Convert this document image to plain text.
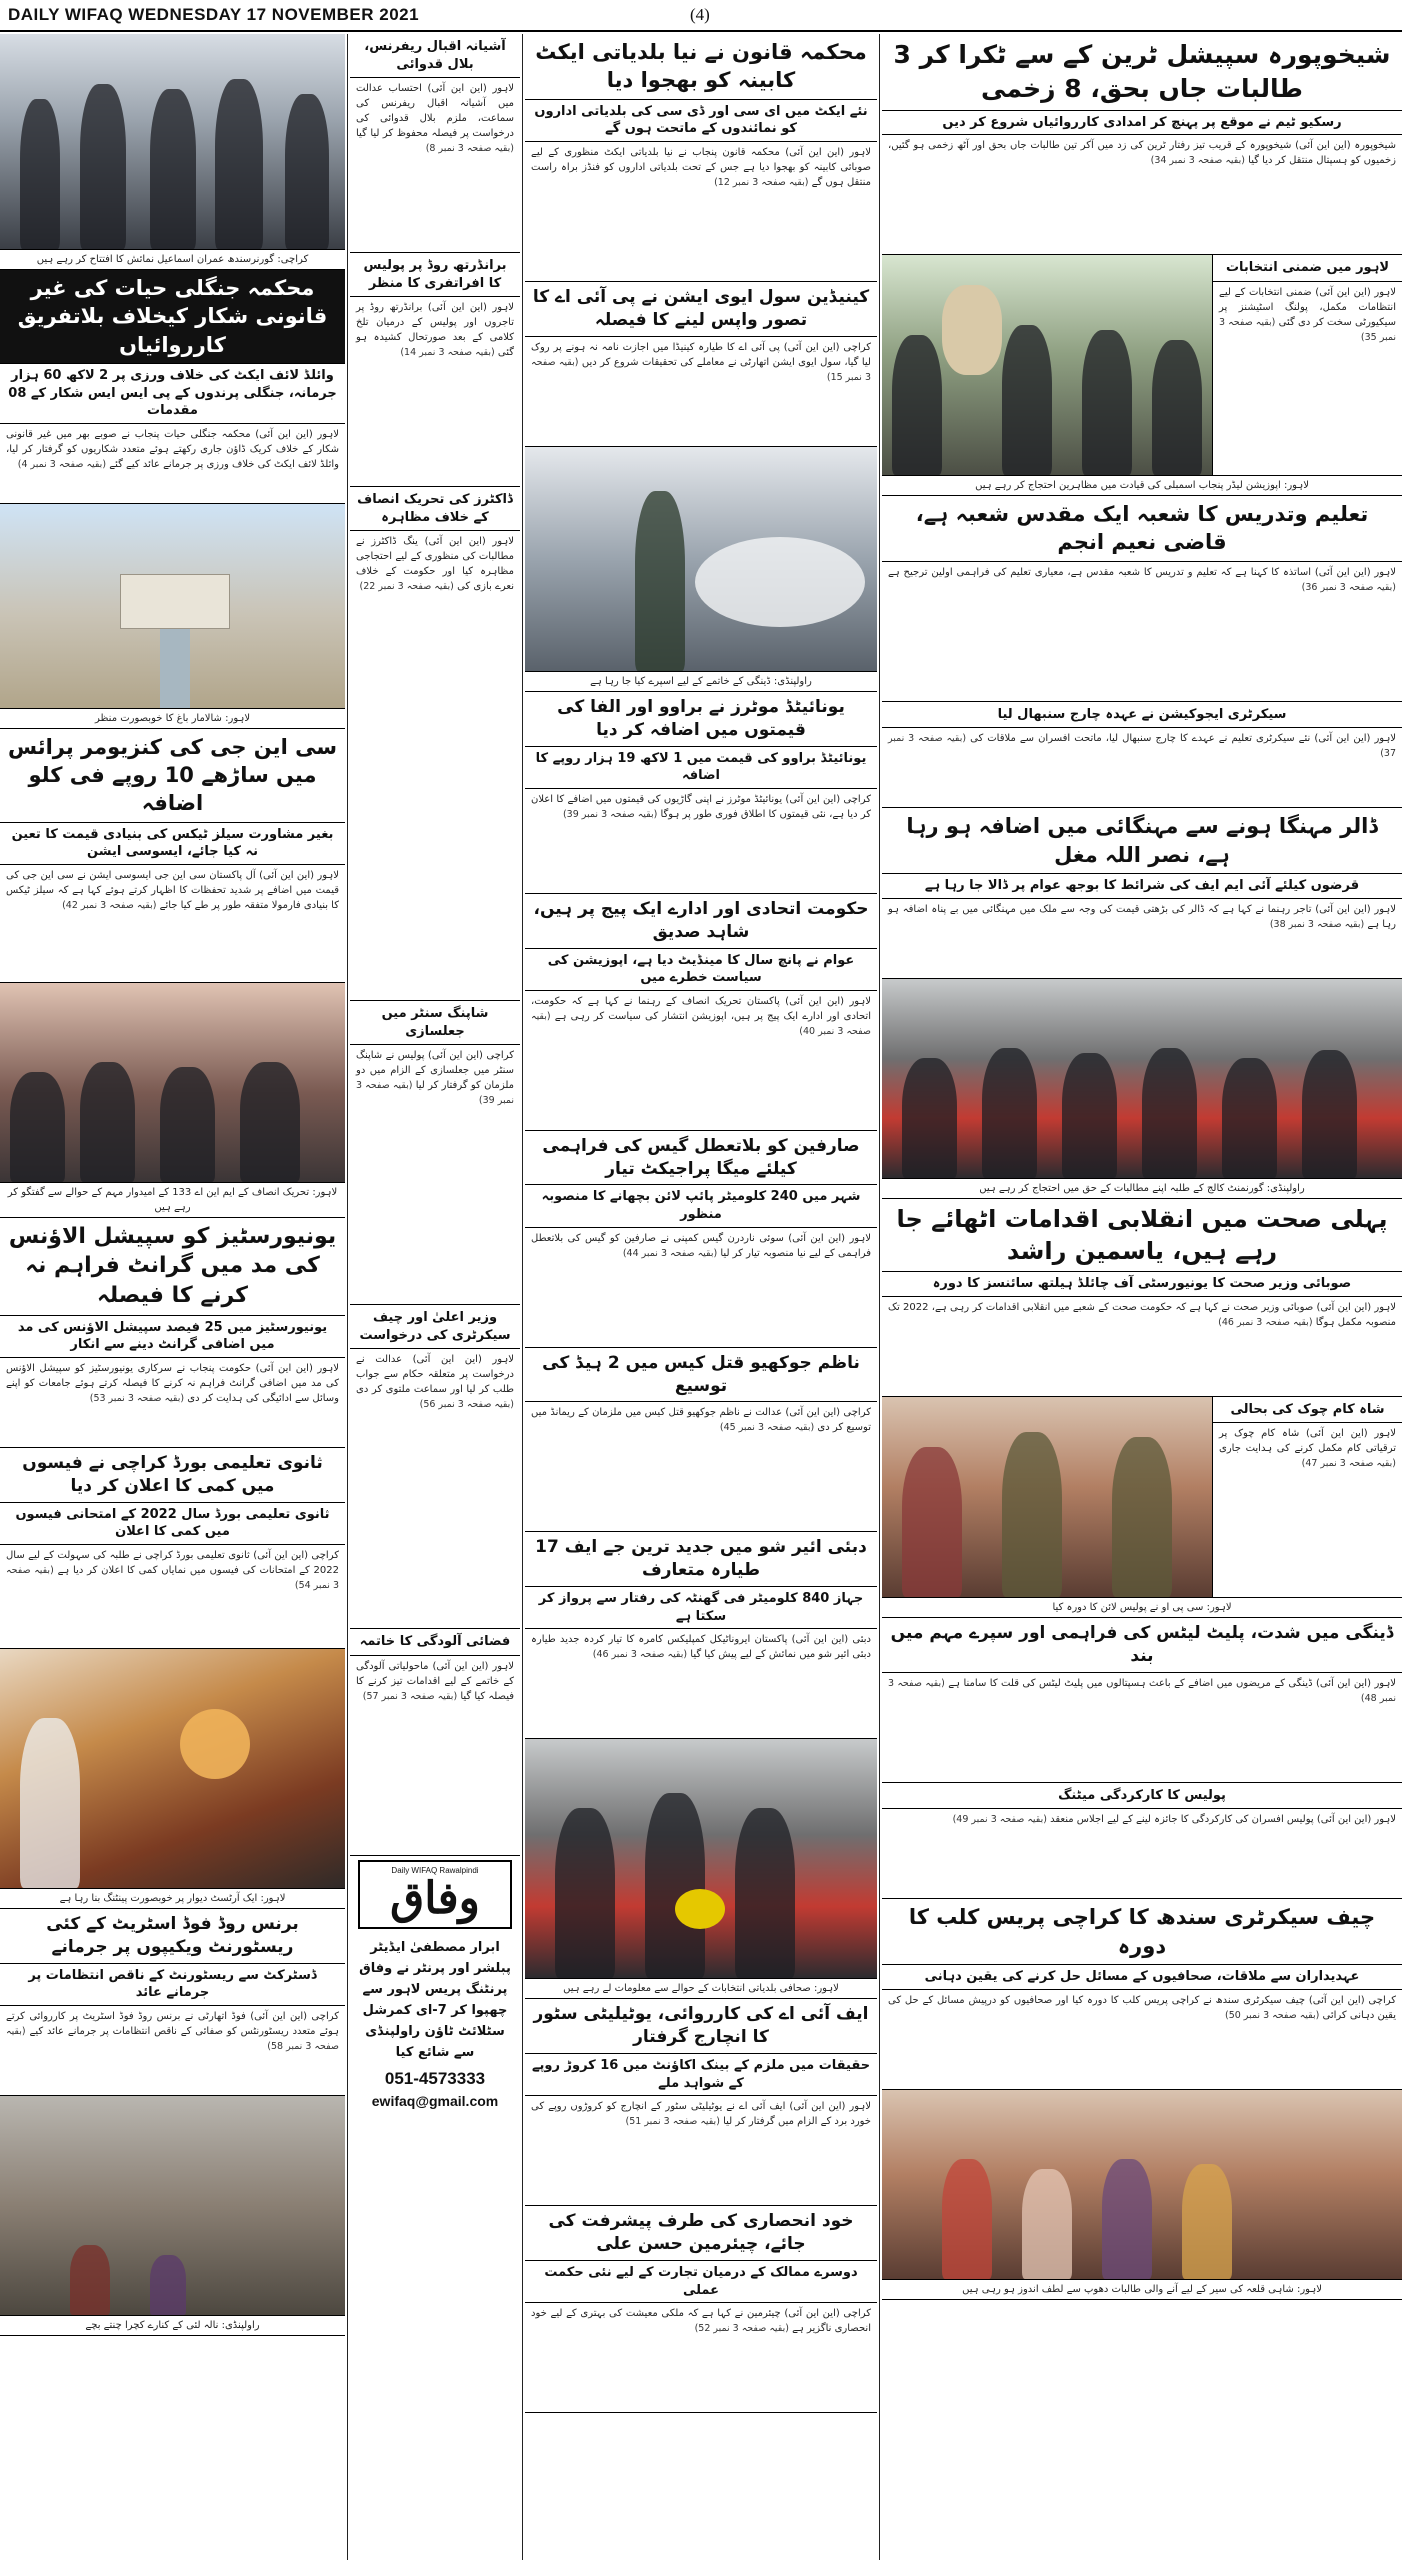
DAILY WIFAQ WEDNESDAY 17 NOVEMBER 2021	(4)
کراچی: گورنرسندھ عمران اسماعیل نمائش کا افتتاح کر رہے ہیں
محکمہ جنگلی حیات کی غیر قانونی شکار کیخلاف بلاتفریق کارروائیاں
وائلڈ لائف ایکٹ کی خلاف ورزی پر 2 لاکھ 60 ہزار جرمانہ، جنگلی پرندوں کے پی ایس ایس شکار کے 08 مقدمات
لاہور (این این آئی) محکمہ جنگلی حیات پنجاب نے صوبے بھر میں غیر قانونی شکار کے خلاف کریک ڈاؤن جاری رکھتے ہوئے متعدد شکاریوں کو گرفتار کر لیا، وائلڈ لائف ایکٹ کی خلاف ورزی پر جرمانے عائد کیے گئے (بقیہ صفحہ 3 نمبر 4)
لاہور: شالامار باغ کا خوبصورت منظر
سی این جی کی کنزیومر پرائس میں ساڑھے 10 روپے فی کلو اضافہ
بغیر مشاورت سیلز ٹیکس کی بنیادی قیمت کا تعین نہ کیا جائے، ایسوسی ایشن
لاہور (این این آئی) آل پاکستان سی این جی ایسوسی ایشن نے سی این جی کی قیمت میں اضافے پر شدید تحفظات کا اظہار کرتے ہوئے کہا ہے کہ سیلز ٹیکس کا بنیادی فارمولا متفقہ طور پر طے کیا جائے (بقیہ صفحہ 3 نمبر 42)
لاہور: تحریک انصاف کے ایم این اے 133 کے امیدوار مہم کے حوالے سے گفتگو کر رہے ہیں
یونیورسٹیز کو سپیشل الاؤنس کی مد میں گرانٹ فراہم نہ کرنے کا فیصلہ
یونیورسٹیز میں 25 فیصد سپیشل الاؤنس کی مد میں اضافی گرانٹ دینے سے انکار
لاہور (این این آئی) حکومت پنجاب نے سرکاری یونیورسٹیز کو سپیشل الاؤنس کی مد میں اضافی گرانٹ فراہم نہ کرنے کا فیصلہ کرتے ہوئے جامعات کو اپنے وسائل سے ادائیگی کی ہدایت کر دی (بقیہ صفحہ 3 نمبر 53)
ثانوی تعلیمی بورڈ کراچی نے فیسوں میں کمی کا اعلان کر دیا
ثانوی تعلیمی بورڈ سال 2022 کے امتحانی فیسوں میں کمی کا اعلان
کراچی (این این آئی) ثانوی تعلیمی بورڈ کراچی نے طلبہ کی سہولت کے لیے سال 2022 کے امتحانات کی فیسوں میں نمایاں کمی کا اعلان کر دیا ہے (بقیہ صفحہ 3 نمبر 54)
لاہور: ایک آرٹسٹ دیوار پر خوبصورت پینٹنگ بنا رہا ہے
برنس روڈ فوڈ اسٹریٹ کے کئی ریسٹورنٹ ویکیپوں پر جرمانے
ڈسٹرکٹ سے ریسٹورنٹ کے ناقص انتظامات پر جرمانے عائد
کراچی (این این آئی) فوڈ اتھارٹی نے برنس روڈ فوڈ اسٹریٹ پر کارروائی کرتے ہوئے متعدد ریسٹورنٹس کو صفائی کے ناقص انتظامات پر جرمانے عائد کیے (بقیہ صفحہ 3 نمبر 58)
راولپنڈی: نالہ لئی کے کنارے کچرا چنتے بچے
آشیانہ اقبال ریفرنس، بلال قدوائی
لاہور (این این آئی) احتساب عدالت میں آشیانہ اقبال ریفرنس کی سماعت، ملزم بلال قدوائی کی درخواست پر فیصلہ محفوظ کر لیا گیا (بقیہ صفحہ 3 نمبر 8)
برانڈرتھ روڈ پر پولیس کا افراتفری کا منظر
لاہور (این این آئی) برانڈرتھ روڈ پر تاجروں اور پولیس کے درمیان تلخ کلامی کے بعد صورتحال کشیدہ ہو گئی (بقیہ صفحہ 3 نمبر 14)
ڈاکٹرز کی تحریک انصاف کے خلاف مظاہرہ
لاہور (این این آئی) ینگ ڈاکٹرز نے مطالبات کی منظوری کے لیے احتجاجی مظاہرہ کیا اور حکومت کے خلاف نعرے بازی کی (بقیہ صفحہ 3 نمبر 22)
شاپنگ سنٹر میں جعلسازی
کراچی (این این آئی) پولیس نے شاپنگ سنٹر میں جعلسازی کے الزام میں دو ملزمان کو گرفتار کر لیا (بقیہ صفحہ 3 نمبر 39)
وزیر اعلیٰ اور چیف سیکرٹری کی درخواست
لاہور (این این آئی) عدالت نے درخواست پر متعلقہ حکام سے جواب طلب کر لیا اور سماعت ملتوی کر دی (بقیہ صفحہ 3 نمبر 56)
فضائی آلودگی کا خاتمہ
لاہور (این این آئی) ماحولیاتی آلودگی کے خاتمے کے لیے اقدامات تیز کرنے کا فیصلہ کیا گیا (بقیہ صفحہ 3 نمبر 57)
Daily WIFAQ Rawalpindi
وفاق
ابرار مصطفیٰ ایڈیٹر پبلشر اور پرنٹر نے وفاق پرنٹنگ پریس لاہور سے چھپوا کر 7-ای کمرشل سٹلائٹ ٹاؤن راولپنڈی سے شائع کیا
051-4573333
ewifaq@gmail.com
محکمہ قانون نے نیا بلدیاتی ایکٹ کابینہ کو بھجوا دیا
نئے ایکٹ میں ای سی اور ڈی سی کی بلدیاتی اداروں کو نمائندوں کے ماتحت ہوں گے
لاہور (این این آئی) محکمہ قانون پنجاب نے نیا بلدیاتی ایکٹ منظوری کے لیے صوبائی کابینہ کو بھجوا دیا ہے جس کے تحت بلدیاتی اداروں کو فنڈز براہ راست منتقل ہوں گے (بقیہ صفحہ 3 نمبر 12)
کینیڈین سول ایوی ایشن نے پی آئی اے کا تصور واپس لینے کا فیصلہ
کراچی (این این آئی) پی آئی اے کا طیارہ کینیڈا میں اجازت نامہ نہ ہونے پر روک لیا گیا، سول ایوی ایشن اتھارٹی نے معاملے کی تحقیقات شروع کر دیں (بقیہ صفحہ 3 نمبر 15)
راولپنڈی: ڈینگی کے خاتمے کے لیے اسپرے کیا جا رہا ہے
یونائیٹڈ موٹرز نے براوو اور الفا کی قیمتوں میں اضافہ کر دیا
یونائیٹڈ براوو کی قیمت میں 1 لاکھ 19 ہزار روپے کا اضافہ
کراچی (این این آئی) یونائیٹڈ موٹرز نے اپنی گاڑیوں کی قیمتوں میں اضافے کا اعلان کر دیا ہے، نئی قیمتوں کا اطلاق فوری طور پر ہوگا (بقیہ صفحہ 3 نمبر 39)
حکومت اتحادی اور ادارے ایک پیج پر ہیں، شاہد صدیق
عوام نے پانچ سال کا مینڈیٹ دیا ہے، اپوزیشن کی سیاست خطرے میں
لاہور (این این آئی) پاکستان تحریک انصاف کے رہنما نے کہا ہے کہ حکومت، اتحادی اور ادارے ایک پیج پر ہیں، اپوزیشن انتشار کی سیاست کر رہی ہے (بقیہ صفحہ 3 نمبر 40)
صارفین کو بلاتعطل گیس کی فراہمی کیلئے میگا پراجیکٹ تیار
شہر میں 240 کلومیٹر پائپ لائن بچھانے کا منصوبہ منظور
لاہور (این این آئی) سوئی ناردرن گیس کمپنی نے صارفین کو گیس کی بلاتعطل فراہمی کے لیے نیا منصوبہ تیار کر لیا (بقیہ صفحہ 3 نمبر 44)
ناظم جوکھیو قتل کیس میں 2 ہیڈ کی توسیع
کراچی (این این آئی) عدالت نے ناظم جوکھیو قتل کیس میں ملزمان کے ریمانڈ میں توسیع کر دی (بقیہ صفحہ 3 نمبر 45)
دبئی ائیر شو میں جدید ترین جے ایف 17 طیارہ متعارف
جہاز 840 کلومیٹر فی گھنٹہ کی رفتار سے پرواز کر سکتا ہے
دبئی (این این آئی) پاکستان ایروناٹیکل کمپلیکس کامرہ کا تیار کردہ جدید طیارہ دبئی ائیر شو میں نمائش کے لیے پیش کیا گیا (بقیہ صفحہ 3 نمبر 46)
لاہور: صحافی بلدیاتی انتخابات کے حوالے سے معلومات لے رہے ہیں
ایف آئی اے کی کارروائی، یوٹیلیٹی سٹور کا انچارج گرفتار
حقیقات میں ملزم کے بینک اکاؤنٹ میں 16 کروڑ روپے کے شواہد ملے
لاہور (این این آئی) ایف آئی اے نے یوٹیلیٹی سٹور کے انچارج کو کروڑوں روپے کی خورد برد کے الزام میں گرفتار کر لیا (بقیہ صفحہ 3 نمبر 51)
خود انحصاری کی طرف پیشرفت کی جائے، چیئرمین حسن علی
دوسرے ممالک کے درمیان تجارت کے لیے نئی حکمت عملی
کراچی (این این آئی) چیئرمین نے کہا ہے کہ ملکی معیشت کی بہتری کے لیے خود انحصاری ناگزیر ہے (بقیہ صفحہ 3 نمبر 52)
شیخوپورہ سپیشل ٹرین کے سے ٹکرا کر 3 طالبات جاں بحق، 8 زخمی
رسکیو ٹیم نے موقع پر پہنچ کر امدادی کارروائیاں شروع کر دیں
شیخوپورہ (این این آئی) شیخوپورہ کے قریب تیز رفتار ٹرین کی زد میں آکر تین طالبات جاں بحق اور آٹھ زخمی ہو گئیں، زخمیوں کو ہسپتال منتقل کر دیا گیا (بقیہ صفحہ 3 نمبر 34)
لاہور میں ضمنی انتخابات
لاہور (این این آئی) ضمنی انتخابات کے لیے انتظامات مکمل، پولنگ اسٹیشنز پر سیکیورٹی سخت کر دی گئی (بقیہ صفحہ 3 نمبر 35)
لاہور: اپوزیشن لیڈر پنجاب اسمبلی کی قیادت میں مظاہرین احتجاج کر رہے ہیں
تعلیم وتدریس کا شعبہ ایک مقدس شعبہ ہے، قاضی نعیم انجم
لاہور (این این آئی) اساتذہ کا کہنا ہے کہ تعلیم و تدریس کا شعبہ مقدس ہے، معیاری تعلیم کی فراہمی اولین ترجیح ہے (بقیہ صفحہ 3 نمبر 36)
سیکرٹری ایجوکیشن نے عہدہ چارج سنبھال لیا
لاہور (این این آئی) نئے سیکرٹری تعلیم نے عہدے کا چارج سنبھال لیا، ماتحت افسران سے ملاقات کی (بقیہ صفحہ 3 نمبر 37)
ڈالر مہنگا ہونے سے مہنگائی میں اضافہ ہو رہا ہے، نصر اللہ مغل
قرضوں کیلئے آئی ایم ایف کی شرائط کا بوجھ عوام پر ڈالا جا رہا ہے
لاہور (این این آئی) تاجر رہنما نے کہا ہے کہ ڈالر کی بڑھتی قیمت کی وجہ سے ملک میں مہنگائی میں بے پناہ اضافہ ہو رہا ہے (بقیہ صفحہ 3 نمبر 38)
راولپنڈی: گورنمنٹ کالج کے طلبہ اپنے مطالبات کے حق میں احتجاج کر رہے ہیں
پہلی صحت میں انقلابی اقدامات اٹھائے جا رہے ہیں، یاسمین راشد
صوبائی وزیر صحت کا یونیورسٹی آف چائلڈ ہیلتھ سائنسز کا دورہ
لاہور (این این آئی) صوبائی وزیر صحت نے کہا ہے کہ حکومت صحت کے شعبے میں انقلابی اقدامات کر رہی ہے، 2022 تک منصوبہ مکمل ہوگا (بقیہ صفحہ 3 نمبر 46)
شاہ کام چوک کی بحالی
لاہور (این این آئی) شاہ کام چوک پر ترقیاتی کام مکمل کرنے کی ہدایت جاری (بقیہ صفحہ 3 نمبر 47)
لاہور: سی پی او نے پولیس لائن کا دورہ کیا
ڈینگی میں شدت، پلیٹ لیٹس کی فراہمی اور سپرے مہم میں بند
لاہور (این این آئی) ڈینگی کے مریضوں میں اضافے کے باعث ہسپتالوں میں پلیٹ لیٹس کی قلت کا سامنا ہے (بقیہ صفحہ 3 نمبر 48)
پولیس کا کارکردگی میٹنگ
لاہور (این این آئی) پولیس افسران کی کارکردگی کا جائزہ لینے کے لیے اجلاس منعقد (بقیہ صفحہ 3 نمبر 49)
چیف سیکرٹری سندھ کا کراچی پریس کلب کا دورہ
عہدیداران سے ملاقات، صحافیوں کے مسائل حل کرنے کی یقین دہانی
کراچی (این این آئی) چیف سیکرٹری سندھ نے کراچی پریس کلب کا دورہ کیا اور صحافیوں کو درپیش مسائل کے حل کی یقین دہانی کرائی (بقیہ صفحہ 3 نمبر 50)
لاہور: شاہی قلعہ کی سیر کے لیے آنے والی طالبات دھوپ سے لطف اندوز ہو رہی ہیں
